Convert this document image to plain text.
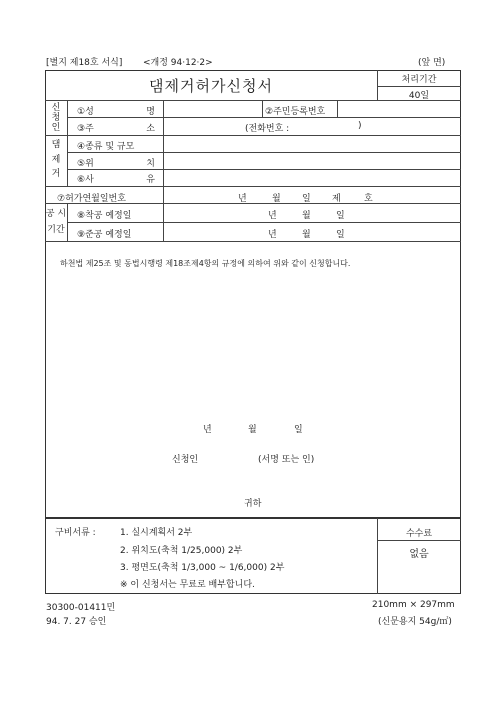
[별지 제18호 서식] <개정 94·12·2>	(앞 면)
댐제거허가신청서	처리기간
40일
신
청
인
①성	명	②주민등록번호
③주	소	(전화번호 :	)
댐
제
거
④종류 및 규모
⑤위	치
⑥사	유
⑦허가연월일번호	년	월 일 제	호
공 시
기간
⑧착공 예정일	년	월	일
⑨준공 예정일	년	월	일
하천법 제25조 및 동법시행령 제18조제4항의 규정에 의하여 위와 같이 신청합니다.
년	월	일
신청인	(서명 또는 인)
귀하
구비서류 :	1. 실시계획서 2부
2. 위치도(축척 1/25,000) 2부
3. 평면도(축척 1/3,000 ~ 1/6,000) 2부
※ 이 신청서는 무료로 배부합니다.
수수료
없음
30300-01411민
94. 7. 27 승인
210mm × 297mm
(신문용지 54g/㎡)
